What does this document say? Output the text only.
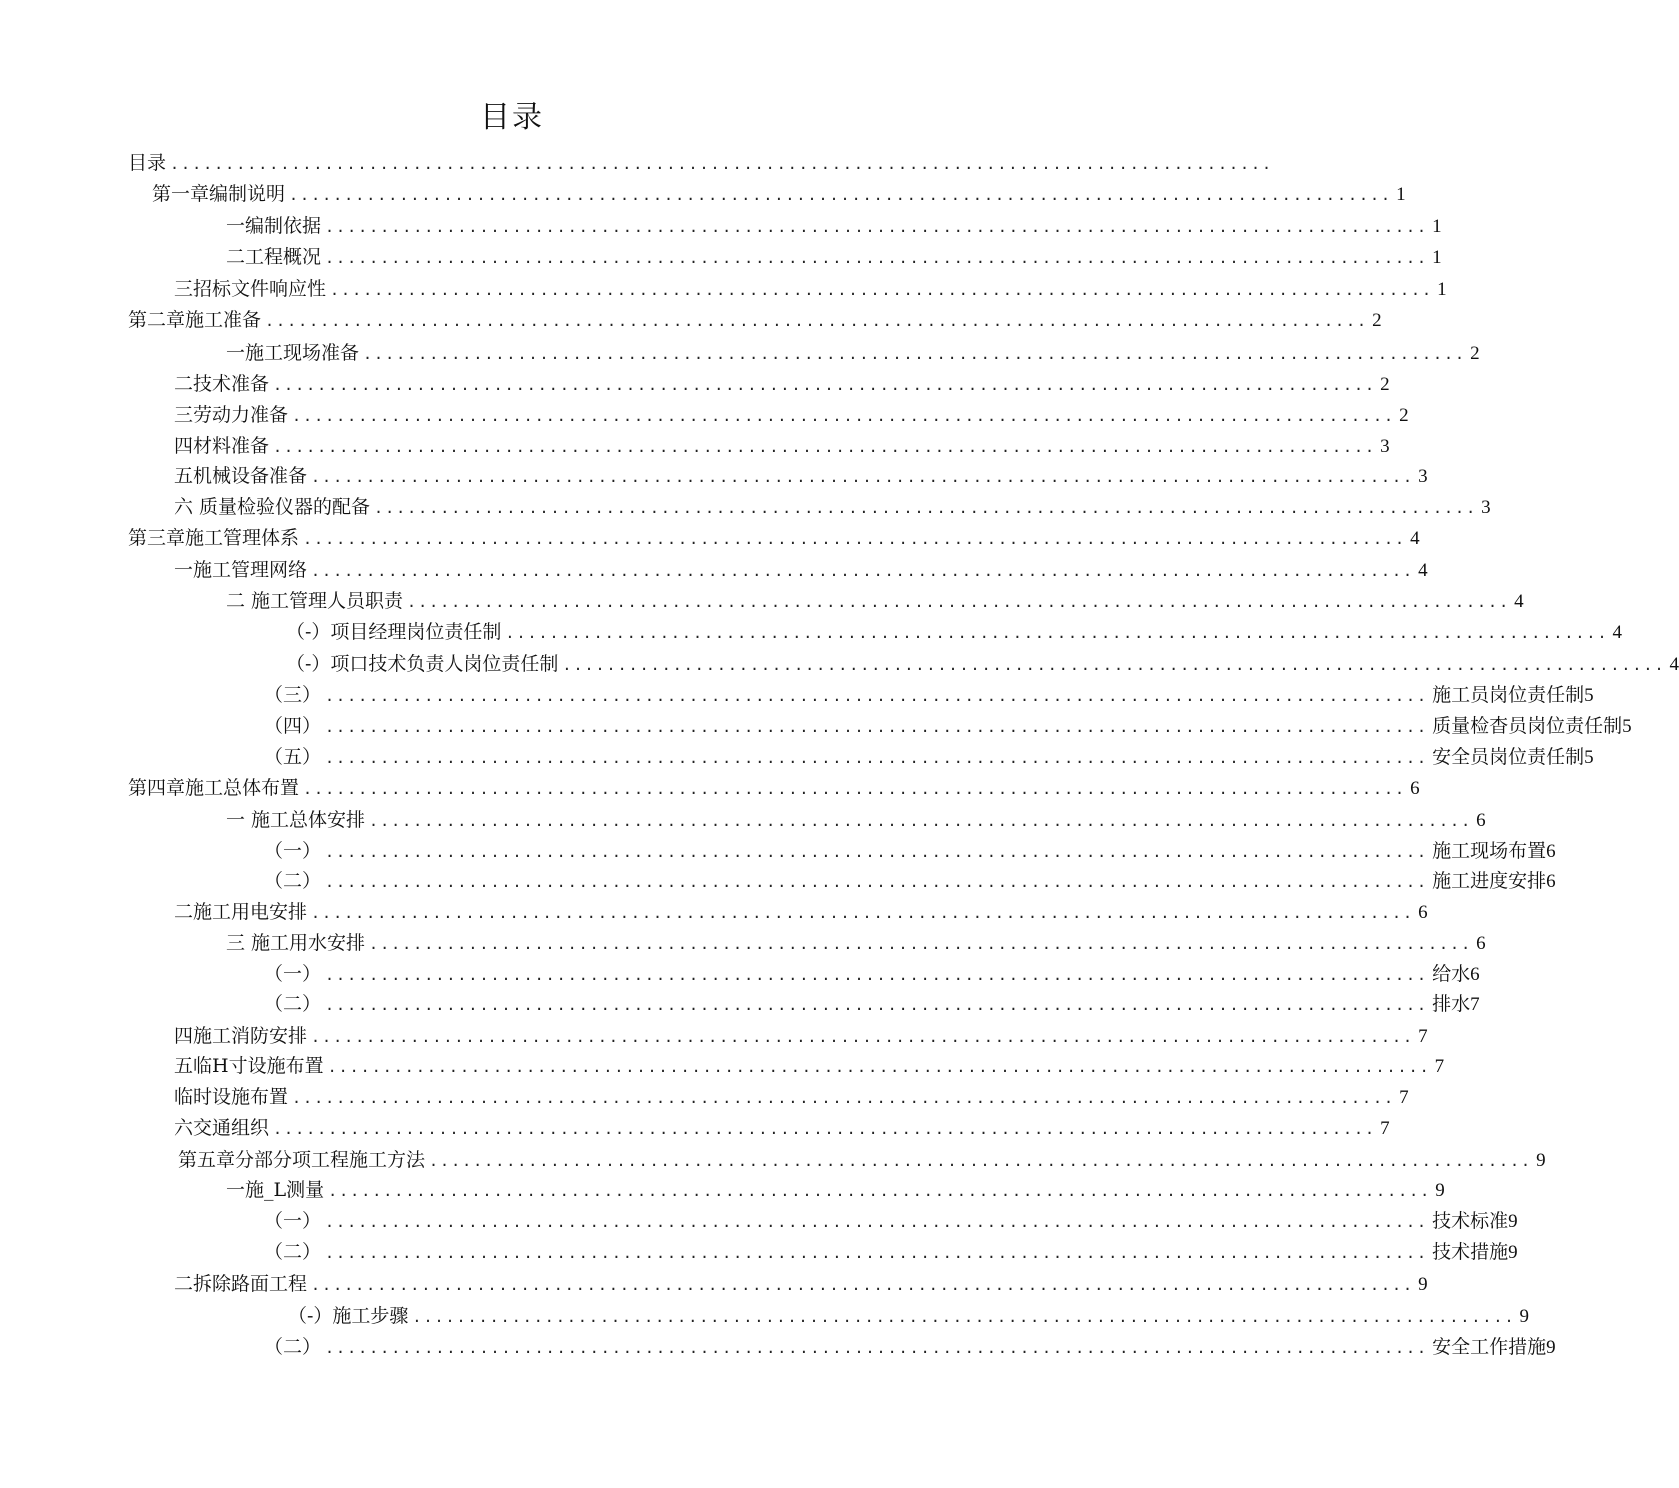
目录
目录 ....................................................................................................
第一章编制说明 .................................................................................................... 1
一编制依据 .................................................................................................... 1
二工程概况 .................................................................................................... 1
三招标文件响应性 .................................................................................................... 1
第二章施工准备 .................................................................................................... 2
一施工现场准备 .................................................................................................... 2
二技术准备 .................................................................................................... 2
三劳动力准备 .................................................................................................... 2
四材料准备 .................................................................................................... 3
五机械设备准备 .................................................................................................... 3
六 质量检验仪器的配备 .................................................................................................... 3
第三章施工管理体系 .................................................................................................... 4
一施工管理网络 .................................................................................................... 4
二 施工管理人员职责 .................................................................................................... 4
（-）项目经理岗位责任制 .................................................................................................... 4
（-）项口技术负责人岗位责任制 .................................................................................................... 4
（三） .................................................................................................... 施工员岗位责任制 5
（四） .................................................................................................... 质量检杳员岗位责任制 5
（五） .................................................................................................... 安全员岗位责任制 5
第四章施工总体布置 .................................................................................................... 6
一 施工总体安排 .................................................................................................... 6
（一） .................................................................................................... 施工现场布置 6
（二） .................................................................................................... 施工进度安排 6
二施工用电安排 .................................................................................................... 6
三 施工用水安排 .................................................................................................... 6
（一） .................................................................................................... 给水 6
（二） .................................................................................................... 排水 7
四施工消防安排 .................................................................................................... 7
五临H寸设施布置 .................................................................................................... 7
临时设施布置 .................................................................................................... 7
六交通组织 .................................................................................................... 7
第五章分部分项工程施工方法 .................................................................................................... 9
一施_L测量 .................................................................................................... 9
（一） .................................................................................................... 技术标准 9
（二） .................................................................................................... 技术措施 9
二拆除路面工程 .................................................................................................... 9
（-）施工步骤 .................................................................................................... 9
（二） .................................................................................................... 安全工作措施 9
